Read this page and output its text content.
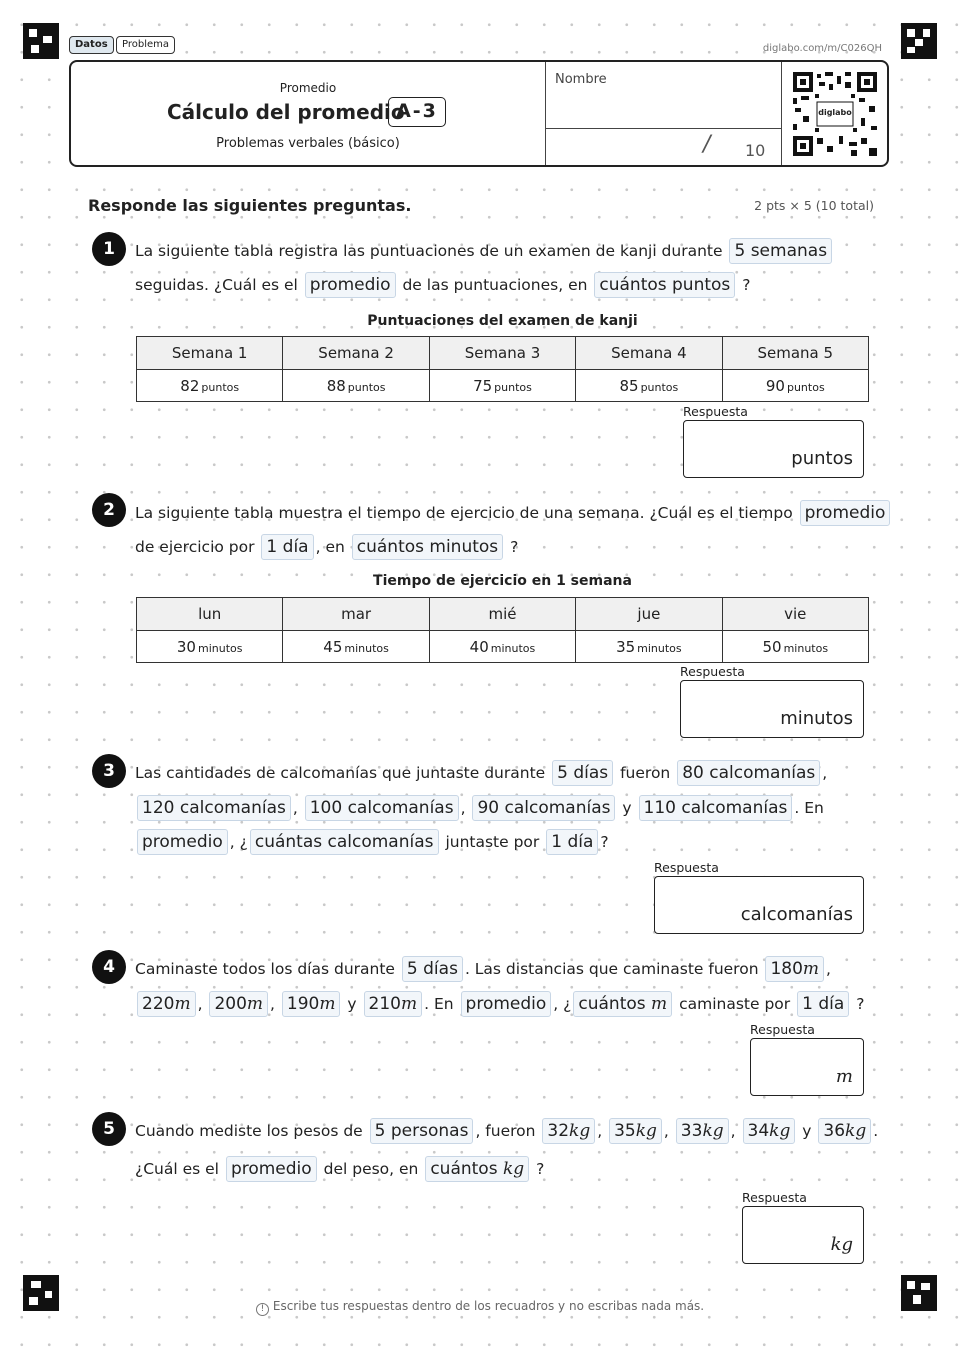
Datos	Problema	diglabo.com/m/C026QH
Promedio
Cálculo del promedio
A-3
Problemas verbales (básico)
Nombre
/ 10
diglabo
Responde las siguientes preguntas.	2 pts × 5 (10 total)
1	La siguiente tabla registra las puntuaciones de un examen de kanji durante 5 semanas
seguidas. ¿Cuál es el promedio de las puntuaciones, en cuántos puntos ?
Puntuaciones del examen de kanji
Semana 1	Semana 2	Semana 3	Semana 4	Semana 5
82 puntos	88 puntos	75 puntos	85 puntos	90 puntos
Respuesta
puntos
2	La siguiente tabla muestra el tiempo de ejercicio de una semana. ¿Cuál es el tiempo promedio
de ejercicio por 1 día , en cuántos minutos ?
Tiempo de ejercicio en 1 semana
lun	mar	mié	jue	vie
30 minutos	45 minutos	40 minutos	35 minutos	50 minutos
Respuesta
minutos
3	Las cantidades de calcomanías que juntaste durante 5 días fueron 80 calcomanías ,
120 calcomanías , 100 calcomanías , 90 calcomanías y 110 calcomanías . En
promedio , ¿ cuántas calcomanías juntaste por 1 día ?
Respuesta
calcomanías
4	Caminaste todos los días durante 5 días . Las distancias que caminaste fueron 180m ,
220m , 200m , 190m y 210m . En promedio , ¿ cuántos m caminaste por 1 día ?
Respuesta
m
5	Cuando mediste los pesos de 5 personas , fueron 32kg , 35kg , 33kg , 34kg y 36kg .
¿Cuál es el promedio del peso, en cuántos kg ?
Respuesta
kg
! Escribe tus respuestas dentro de los recuadros y no escribas nada más.
